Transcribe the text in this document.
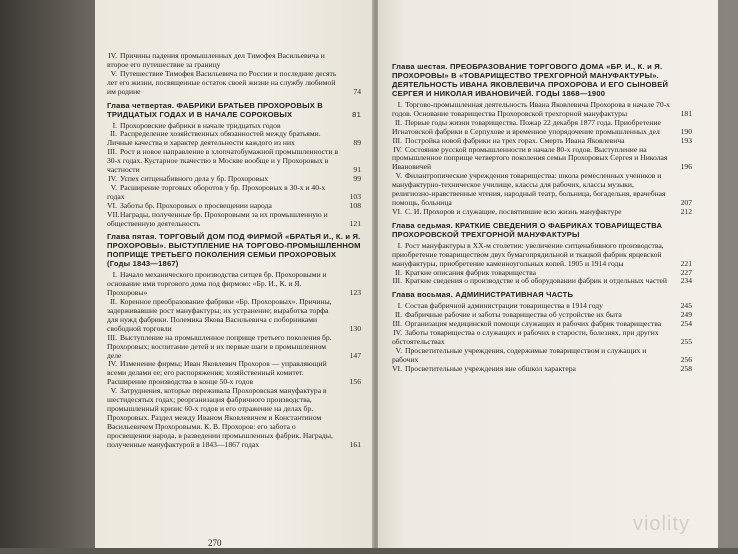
IV. Причины падения промышленных дел Тимофея Васильевича и второе его путешествие за границу
V. Путешествие Тимофея Васильевича по России и последние десять лет его жизни, посвященные остаток своей жизни на службу любимой им родине	74
Глава четвертая. ФАБРИКИ БРАТЬЕВ ПРОХОРОВЫХ В ТРИДЦАТЫХ ГОДАХ И В НАЧАЛЕ СОРОКОВЫХ	81
I. Прохоровские фабрики в начале тридцатых годов
II. Распределение хозяйственных обязанностей между братьями. Личные качества и характер деятельности каждого из них	89
III. Рост и новое направление в хлопчатобумажной промышленности в 30-х годах. Кустарное ткачество в Москве вообще и у Прохоровых в частности	91
IV. Успех ситценабивного дела у бр. Прохоровых	99
V. Расширение торговых оборотов у бр. Прохоровых в 30-х и 40-х годах	103
VI. Заботы бр. Прохоровых о просвещении народа	108
VII.Награды, полученные бр. Прохоровыми за их промышленную и общественную деятельность	121
Глава пятая. ТОРГОВЫЙ ДОМ ПОД ФИРМОЙ «БРАТЬЯ И., К. и Я. ПРОХОРОВЫ». ВЫСТУПЛЕНИЕ НА ТОРГОВО-ПРОМЫШЛЕННОМ ПОПРИЩЕ ТРЕТЬЕГО ПОКОЛЕНИЯ СЕМЬИ ПРОХОРОВЫХ (Годы 1843—1867)
I. Начало механического производства ситцев бр. Прохоровыми и основание ими торгового дома под фирмою: «Бр. И., К. и Я. Прохоровы»	123
II. Коренное преобразование фабрики «Бр. Прохоровых». Причины, задерживавшие рост мануфактуры; их устранение; выработка торфа для нужд фабрики. Полемика Якова Васильевича с поборниками свободной торговли	130
III. Выступление на промышленное поприще третьего поколения бр. Прохоровых; воспитание детей и их первые шаги в промышленном деле	147
IV. Изменение фирмы; Иван Яковлевич Прохоров — управляющий всеми делами ее; его распоряжения; хозяйственный комитет. Расширение производства в конце 50-х годов	156
V. Затруднения, которые переживала Прохоровская мануфактура в шестидесятых годах; реорганизация фабричного производства, промышленный кризис 60-х годов и его отражение на делах бр. Прохоровых. Раздел между Иваном Яковлевичем и Константином Васильевичем Прохоровыми. К. В. Прохоров: его забота о просвещении народа, в разведении промышленных фабрик. Награды, полученные мануфактурой в 1843—1867 годах	161
270
Глава шестая. ПРЕОБРАЗОВАНИЕ ТОРГОВОГО ДОМА «БР. И., К. и Я. ПРОХОРОВЫ» В «ТОВАРИЩЕСТВО ТРЕХГОРНОЙ МАНУФАКТУРЫ». ДЕЯТЕЛЬНОСТЬ ИВАНА ЯКОВЛЕВИЧА ПРОХОРОВА И ЕГО СЫНОВЕЙ СЕРГЕЯ И НИКОЛАЯ ИВАНОВИЧЕЙ. ГОДЫ 1868—1900
I. Торгово-промышленная деятельность Ивана Яковлевича Прохорова в начале 70-х годов. Основание товарищества Прохоровской трехгорной мануфактуры	181
II. Первые годы жизни товарищества. Пожар 22 декабря 1877 года. Приобретение Игнатовской фабрики в Серпухове и временное упорядочение промышленных дел	190
III. Постройка новой фабрики на трех горах. Смерть Ивана Яковлевича	193
IV. Состояние русской промышленности в начале 80-х годов. Выступление на промышленное поприще четвертого поколения семьи Прохоровых Сергея и Николая Ивановичей	196
V. Филантропические учреждения товарищества: школа ремесленных учеников и мануфактурно-техническое училище, классы для рабочих, классы музыки, религиозно-нравственные чтения, народный театр, больница, богадельня, врачебная помощь, больница	207
VI. С. И. Прохоров и служащие, посвятившие всю жизнь мануфактуре	212
Глава седьмая. КРАТКИЕ СВЕДЕНИЯ О ФАБРИКАХ ТОВАРИЩЕСТВА ПРОХОРОВСКОЙ ТРЕХГОРНОЙ МАНУФАКТУРЫ
I. Рост мануфактуры в XX-м столетии: увеличение ситценабивного производства, приобретение товариществом двух бумагопрядильной и ткацкой фабрик ярцевской мануфактуры, приобретение каменноугольных копей. 1905 и 1914 годы	221
II. Краткие описания фабрик товарищества	227
III. Краткие сведения о производстве и об оборудовании фабрик и отдельных частей	234
Глава восьмая. АДМИНИСТРАТИВНАЯ ЧАСТЬ
I. Состав фабричной администрации товарищества в 1914 году	245
II. Фабричные рабочие и заботы товарищества об устройстве их быта	249
III. Организация медицинской помощи служащих и рабочих фабрик товарищества	254
IV. Заботы товарищества о служащих и рабочих в старости, болезнях, при других обстоятельствах	255
V. Просветительные учреждения, содержимые товариществом и служащих и рабочих	256
VI. Просветительные учреждения вне обшкол характера	258
violity
